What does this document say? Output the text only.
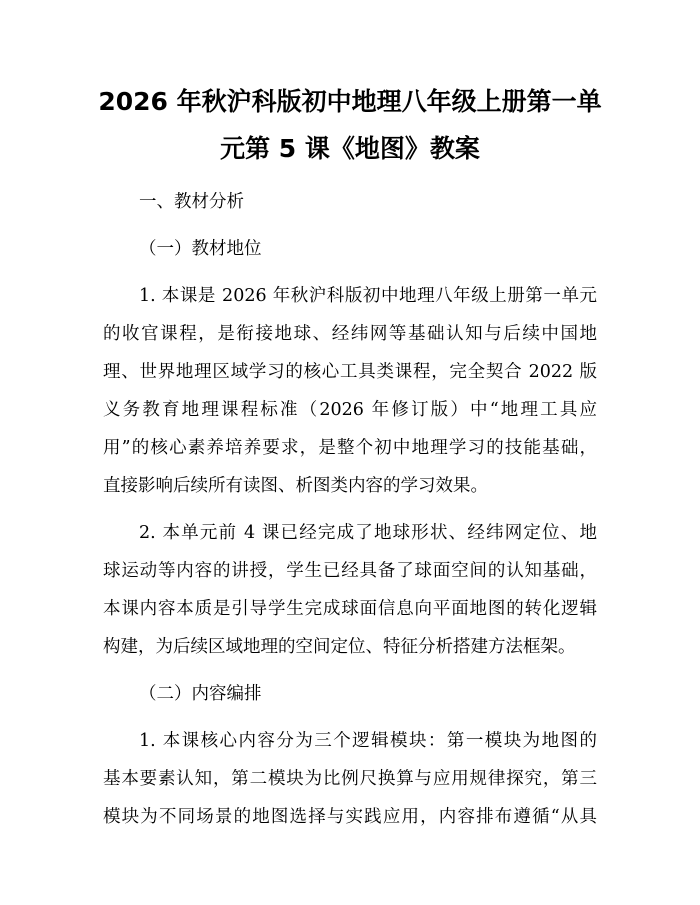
2026 年秋沪科版初中地理八年级上册第一单
元第 5 课《地图》教案
一、教材分析
（一）教材地位
1. 本课是 2026 年秋沪科版初中地理八年级上册第一单元
的收官课程，是衔接地球、经纬网等基础认知与后续中国地
理、世界地理区域学习的核心工具类课程，完全契合 2022 版
义务教育地理课程标准（2026 年修订版）中“地理工具应
用”的核心素养培养要求，是整个初中地理学习的技能基础，
直接影响后续所有读图、析图类内容的学习效果。
2. 本单元前 4 课已经完成了地球形状、经纬网定位、地
球运动等内容的讲授，学生已经具备了球面空间的认知基础，
本课内容本质是引导学生完成球面信息向平面地图的转化逻辑
构建，为后续区域地理的空间定位、特征分析搭建方法框架。
（二）内容编排
1. 本课核心内容分为三个逻辑模块：第一模块为地图的
基本要素认知，第二模块为比例尺换算与应用规律探究，第三
模块为不同场景的地图选择与实践应用，内容排布遵循“从具
